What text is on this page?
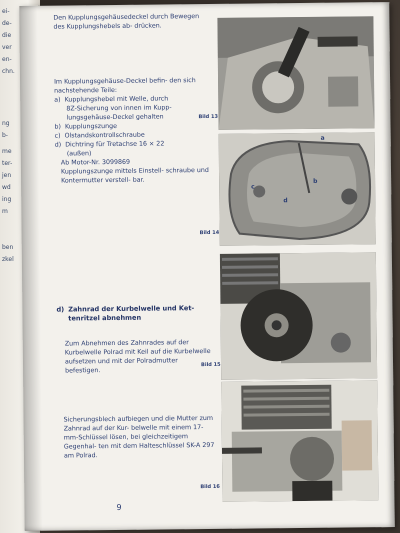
ei-
de-
die
ver
en-
chn.
ng
b-
me
ter-
jen
wd
ing
m
ben
zkel

Den Kupplungsgehäusedeckel durch Bewegen des Kupplungshebels ab- drücken.

Im Kupplungsgehäuse-Deckel befin- den sich nachstehende Teile:

a)  Kupplungshebel mit Welle, durch
8Z-Sicherung von innen im Kupp-
lungsgehäuse-Deckel gehalten
b)  Kupplungszunge
c)  Olstandskontrollschraube
d)  Dichtring für Tretachse 16 × 22
(außen)
Ab Motor-Nr. 3099869

Kupplungszunge mittels Einstell- schraube und Kontermutter verstell- bar.

d) Zahnrad der Kurbelwelle und Ket- tenritzel abnehmen

Zum Abnehmen des Zahnrades auf der Kurbelwelle Polrad mit Keil auf die Kurbelwelle aufsetzen und mit der Polradmutter befestigen.

Sicherungsblech aufbiegen und die Mutter zum Zahnrad auf der Kur- belwelle mit einem 17-mm-Schlüssel lösen, bei gleichzeitigem Gegenhal- ten mit dem Halteschlüssel SK-A 297 am Polrad.

Bild 13
a
b
c
d
Bild 14
Bild 15
Bild 16
9
